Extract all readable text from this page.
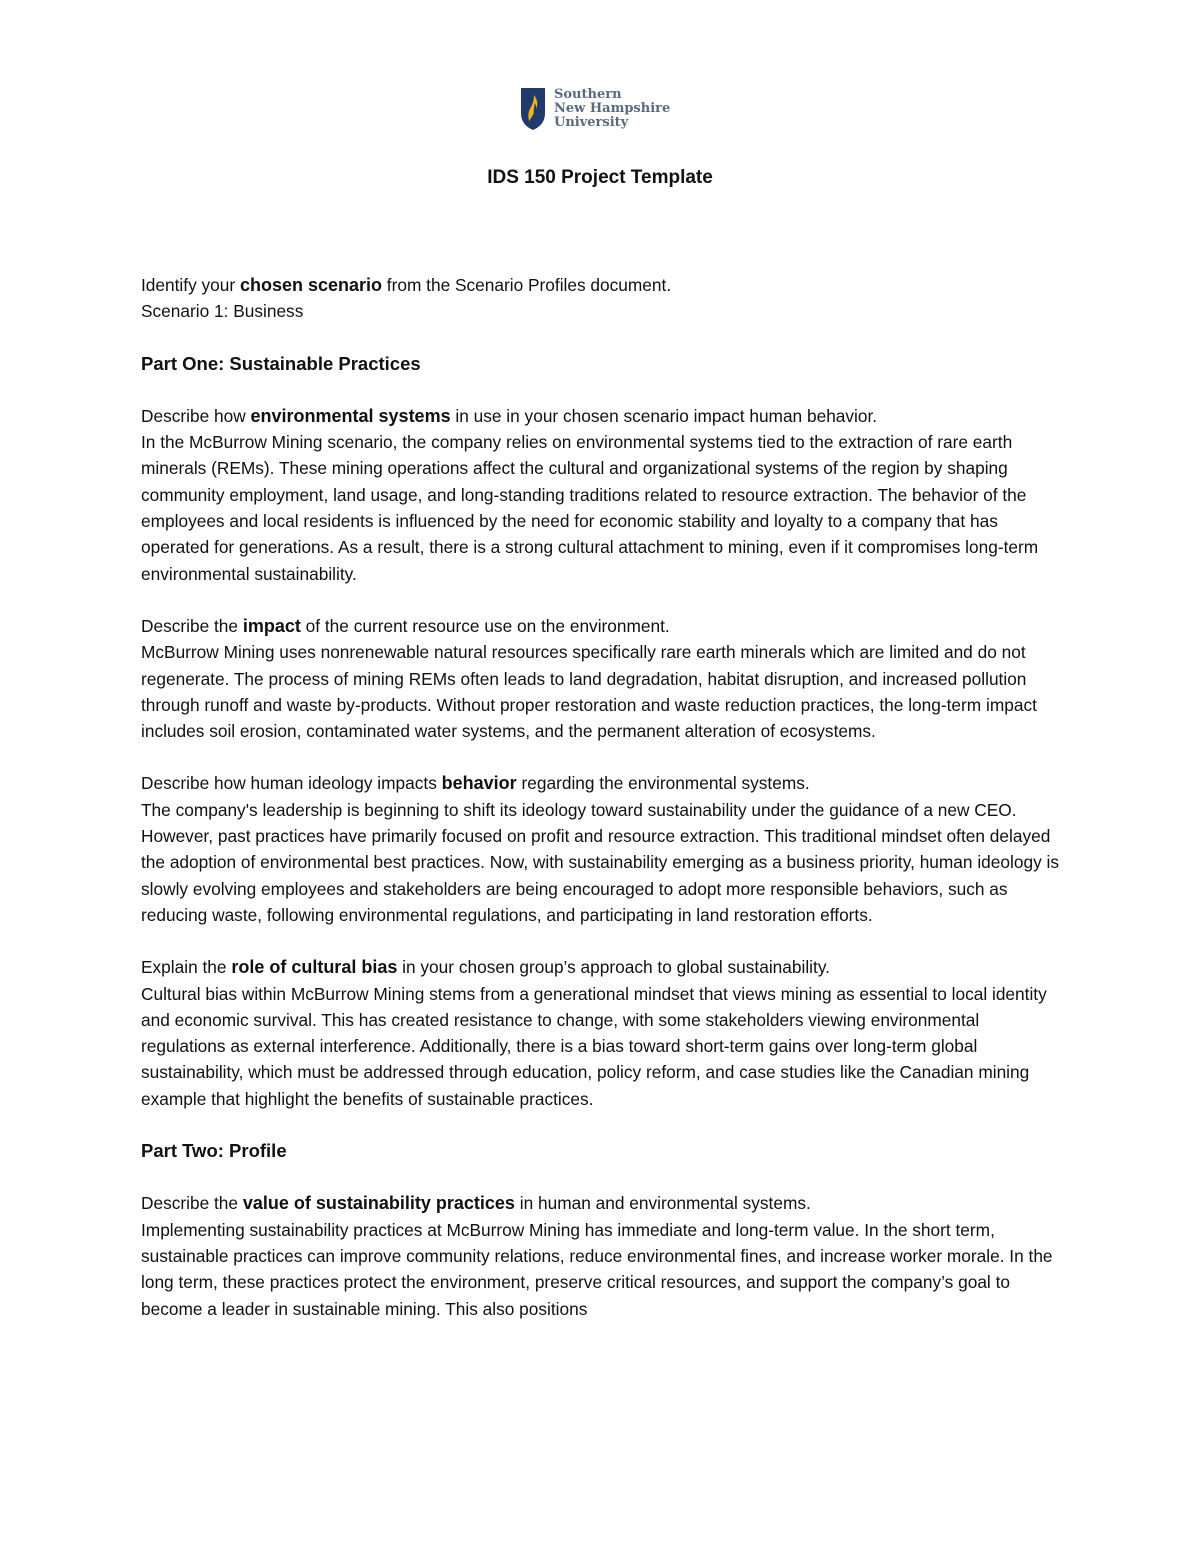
Southern
New Hampshire
University
IDS 150 Project Template

Identify your chosen scenario from the Scenario Profiles document.

Scenario 1: Business

Part One: Sustainable Practices

Describe how environmental systems in use in your chosen scenario impact human behavior.

In the McBurrow Mining scenario, the company relies on environmental systems tied to the extraction of rare earth minerals (REMs). These mining operations affect the cultural and organizational systems of the region by shaping community employment, land usage, and long-standing traditions related to resource extraction. The behavior of the employees and local residents is influenced by the need for economic stability and loyalty to a company that has operated for generations. As a result, there is a strong cultural attachment to mining, even if it compromises long-term environmental sustainability.

Describe the impact of the current resource use on the environment.

McBurrow Mining uses nonrenewable natural resources specifically rare earth minerals which are limited and do not regenerate. The process of mining REMs often leads to land degradation, habitat disruption, and increased pollution through runoff and waste by-products. Without proper restoration and waste reduction practices, the long-term impact includes soil erosion, contaminated water systems, and the permanent alteration of ecosystems.

Describe how human ideology impacts behavior regarding the environmental systems.

The company's leadership is beginning to shift its ideology toward sustainability under the guidance of a new CEO. However, past practices have primarily focused on profit and resource extraction. This traditional mindset often delayed the adoption of environmental best practices. Now, with sustainability emerging as a business priority, human ideology is slowly evolving employees and stakeholders are being encouraged to adopt more responsible behaviors, such as reducing waste, following environmental regulations, and participating in land restoration efforts.

Explain the role of cultural bias in your chosen group’s approach to global sustainability.

Cultural bias within McBurrow Mining stems from a generational mindset that views mining as essential to local identity and economic survival. This has created resistance to change, with some stakeholders viewing environmental regulations as external interference. Additionally, there is a bias toward short-term gains over long-term global sustainability, which must be addressed through education, policy reform, and case studies like the Canadian mining example that highlight the benefits of sustainable practices.

Part Two: Profile

Describe the value of sustainability practices in human and environmental systems.

Implementing sustainability practices at McBurrow Mining has immediate and long-term value. In the short term, sustainable practices can improve community relations, reduce environmental fines, and increase worker morale. In the long term, these practices protect the environment, preserve critical resources, and support the company’s goal to become a leader in sustainable mining. This also positions
